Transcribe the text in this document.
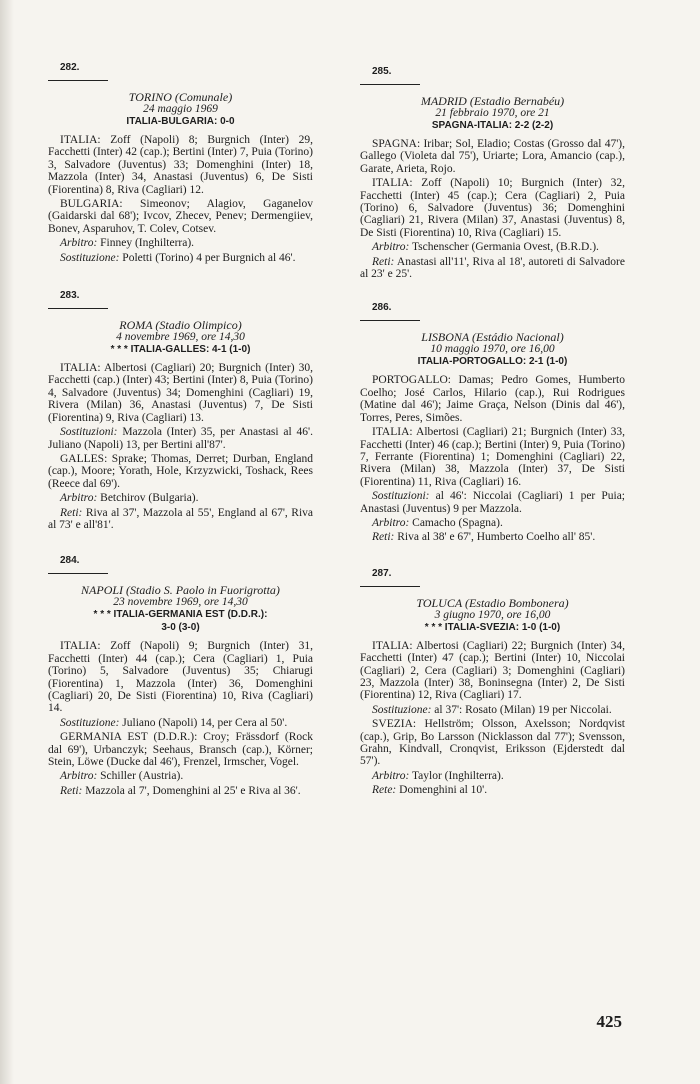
282.
TORINO (Comunale)
24 maggio 1969
ITALIA-BULGARIA: 0-0

ITALIA: Zoff (Napoli) 8; Burgnich (Inter) 29, Facchetti (Inter) 42 (cap.); Bertini (Inter) 7, Puia (Torino) 3, Salvadore (Juventus) 33; Domenghini (Inter) 18, Mazzola (Inter) 34, Anastasi (Juventus) 6, De Sisti (Fiorentina) 8, Riva (Cagliari) 12.

BULGARIA: Simeonov; Alagiov, Gaganelov (Gaidarski dal 68'); Ivcov, Zhecev, Penev; Dermengiiev, Bonev, Asparuhov, T. Colev, Cotsev.

Arbitro: Finney (Inghilterra).

Sostituzione: Poletti (Torino) 4 per Burgnich al 46'.

283.
ROMA (Stadio Olimpico)
4 novembre 1969, ore 14,30
* * * ITALIA-GALLES: 4-1 (1-0)

ITALIA: Albertosi (Cagliari) 20; Burgnich (Inter) 30, Facchetti (cap.) (Inter) 43; Bertini (Inter) 8, Puia (Torino) 4, Salvadore (Juventus) 34; Domenghini (Cagliari) 19, Rivera (Milan) 36, Anastasi (Juventus) 7, De Sisti (Fiorentina) 9, Riva (Cagliari) 13.

Sostituzioni: Mazzola (Inter) 35, per Anastasi al 46'. Juliano (Napoli) 13, per Bertini all'87'.

GALLES: Sprake; Thomas, Derret; Durban, England (cap.), Moore; Yorath, Hole, Krzyzwicki, Toshack, Rees (Reece dal 69').

Arbitro: Betchirov (Bulgaria).

Reti: Riva al 37', Mazzola al 55', England al 67', Riva al 73' e all'81'.

284.
NAPOLI (Stadio S. Paolo in Fuorigrotta)
23 novembre 1969, ore 14,30
* * * ITALIA-GERMANIA EST (D.D.R.):
3-0 (3-0)

ITALIA: Zoff (Napoli) 9; Burgnich (Inter) 31, Facchetti (Inter) 44 (cap.); Cera (Cagliari) 1, Puia (Torino) 5, Salvadore (Juventus) 35; Chiarugi (Fiorentina) 1, Mazzola (Inter) 36, Domenghini (Cagliari) 20, De Sisti (Fiorentina) 10, Riva (Cagliari) 14.

Sostituzione: Juliano (Napoli) 14, per Cera al 50'.

GERMANIA EST (D.D.R.): Croy; Frässdorf (Rock dal 69'), Urbanczyk; Seehaus, Bransch (cap.), Körner; Stein, Löwe (Ducke dal 46'), Frenzel, Irmscher, Vogel.

Arbitro: Schiller (Austria).

Reti: Mazzola al 7', Domenghini al 25' e Riva al 36'.

285.
MADRID (Estadio Bernabéu)
21 febbraio 1970, ore 21
SPAGNA-ITALIA: 2-2 (2-2)

SPAGNA: Iribar; Sol, Eladio; Costas (Grosso dal 47'), Gallego (Violeta dal 75'), Uriarte; Lora, Amancio (cap.), Garate, Arieta, Rojo.

ITALIA: Zoff (Napoli) 10; Burgnich (Inter) 32, Facchetti (Inter) 45 (cap.); Cera (Cagliari) 2, Puia (Torino) 6, Salvadore (Juventus) 36; Domenghini (Cagliari) 21, Rivera (Milan) 37, Anastasi (Juventus) 8, De Sisti (Fiorentina) 10, Riva (Cagliari) 15.

Arbitro: Tschenscher (Germania Ovest, (B.R.D.).

Reti: Anastasi all'11', Riva al 18', autoreti di Salvadore al 23' e 25'.

286.
LISBONA (Estádio Nacional)
10 maggio 1970, ore 16,00
ITALIA-PORTOGALLO: 2-1 (1-0)

PORTOGALLO: Damas; Pedro Gomes, Humberto Coelho; José Carlos, Hilario (cap.), Rui Rodrigues (Matine dal 46'); Jaime Graça, Nelson (Dinis dal 46'), Torres, Peres, Simões.

ITALIA: Albertosi (Cagliari) 21; Burgnich (Inter) 33, Facchetti (Inter) 46 (cap.); Bertini (Inter) 9, Puia (Torino) 7, Ferrante (Fiorentina) 1; Domenghini (Cagliari) 22, Rivera (Milan) 38, Mazzola (Inter) 37, De Sisti (Fiorentina) 11, Riva (Cagliari) 16.

Sostituzioni: al 46': Niccolai (Cagliari) 1 per Puia; Anastasi (Juventus) 9 per Mazzola.

Arbitro: Camacho (Spagna).

Reti: Riva al 38' e 67', Humberto Coelho all' 85'.

287.
TOLUCA (Estadio Bombonera)
3 giugno 1970, ore 16,00
* * * ITALIA-SVEZIA: 1-0 (1-0)

ITALIA: Albertosi (Cagliari) 22; Burgnich (Inter) 34, Facchetti (Inter) 47 (cap.); Bertini (Inter) 10, Niccolai (Cagliari) 2, Cera (Cagliari) 3; Domenghini (Cagliari) 23, Mazzola (Inter) 38, Boninsegna (Inter) 2, De Sisti (Fiorentina) 12, Riva (Cagliari) 17.

Sostituzione: al 37': Rosato (Milan) 19 per Niccolai.

SVEZIA: Hellström; Olsson, Axelsson; Nordqvist (cap.), Grip, Bo Larsson (Nicklasson dal 77'); Svensson, Grahn, Kindvall, Cronqvist, Eriksson (Ejderstedt dal 57').

Arbitro: Taylor (Inghilterra).

Rete: Domenghini al 10'.

425
